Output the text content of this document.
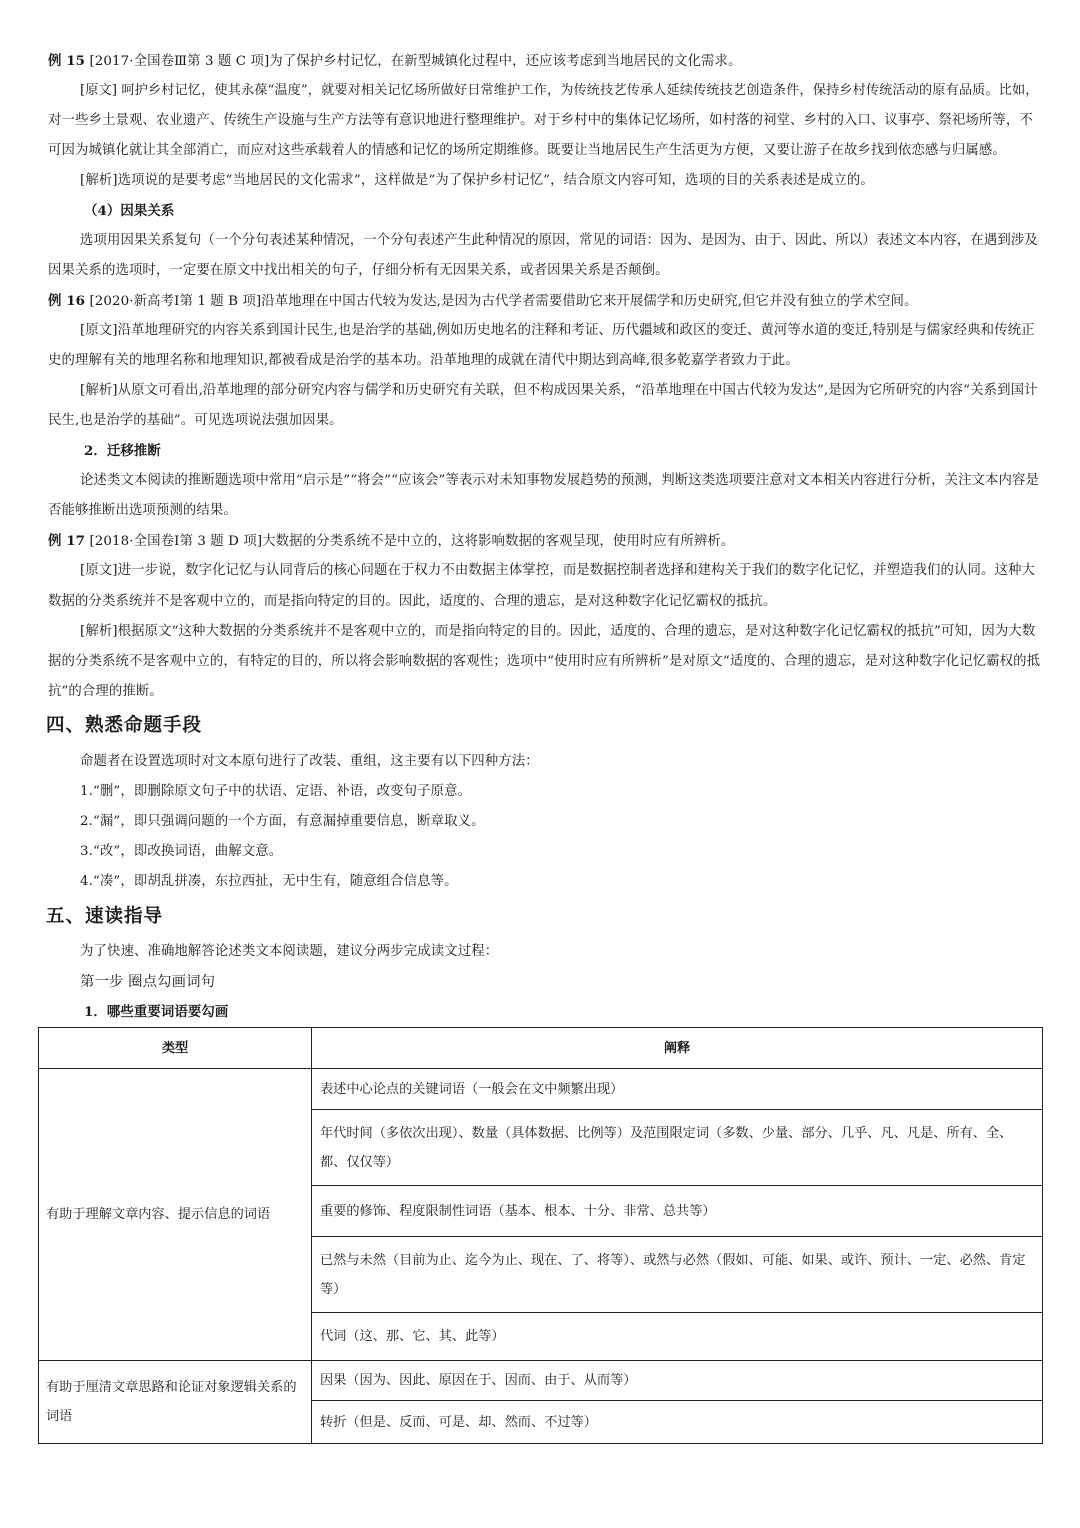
例 15 [2017·全国卷Ⅲ第 3 题 C 项]为了保护乡村记忆，在新型城镇化过程中，还应该考虑到当地居民的文化需求。
[原文] 呵护乡村记忆，使其永葆“温度”，就要对相关记忆场所做好日常维护工作，为传统技艺传承人延续传统技艺创造条件，保持乡村传统活动的原有品质。比如，
对一些乡土景观、农业遗产、传统生产设施与生产方法等有意识地进行整理维护。对于乡村中的集体记忆场所，如村落的祠堂、乡村的入口、议事亭、祭祀场所等，不
可因为城镇化就让其全部消亡，而应对这些承载着人的情感和记忆的场所定期维修。既要让当地居民生产生活更为方便，又要让游子在故乡找到依恋感与归属感。
[解析]选项说的是要考虑“当地居民的文化需求”，这样做是“为了保护乡村记忆”，结合原文内容可知，选项的目的关系表述是成立的。
（4）因果关系
选项用因果关系复句（一个分句表述某种情况，一个分句表述产生此种情况的原因，常见的词语：因为、是因为、由于、因此、所以）表述文本内容，在遇到涉及
因果关系的选项时，一定要在原文中找出相关的句子，仔细分析有无因果关系，或者因果关系是否颠倒。
例 16 [2020·新高考Ⅰ第 1 题 B 项]沿革地理在中国古代较为发达,是因为古代学者需要借助它来开展儒学和历史研究,但它并没有独立的学术空间。
[原文]沿革地理研究的内容关系到国计民生,也是治学的基础,例如历史地名的注释和考证、历代疆域和政区的变迁、黄河等水道的变迁,特别是与儒家经典和传统正
史的理解有关的地理名称和地理知识,都被看成是治学的基本功。沿革地理的成就在清代中期达到高峰,很多乾嘉学者致力于此。
[解析]从原文可看出,沿革地理的部分研究内容与儒学和历史研究有关联，但不构成因果关系，“沿革地理在中国古代较为发达”,是因为它所研究的内容“关系到国计
民生,也是治学的基础”。可见选项说法强加因果。
2．迁移推断
论述类文本阅读的推断题选项中常用“启示是”“将会”“应该会”等表示对未知事物发展趋势的预测，判断这类选项要注意对文本相关内容进行分析，关注文本内容是
否能够推断出选项预测的结果。
例 17 [2018·全国卷Ⅰ第 3 题 D 项]大数据的分类系统不是中立的，这将影响数据的客观呈现，使用时应有所辨析。
[原文]进一步说，数字化记忆与认同背后的核心问题在于权力不由数据主体掌控，而是数据控制者选择和建构关于我们的数字化记忆，并塑造我们的认同。这种大
数据的分类系统并不是客观中立的，而是指向特定的目的。因此，适度的、合理的遗忘，是对这种数字化记忆霸权的抵抗。
[解析]根据原文“这种大数据的分类系统并不是客观中立的，而是指向特定的目的。因此，适度的、合理的遗忘，是对这种数字化记忆霸权的抵抗”可知，因为大数
据的分类系统不是客观中立的，有特定的目的，所以将会影响数据的客观性；选项中“使用时应有所辨析”是对原文“适度的、合理的遗忘，是对这种数字化记忆霸权的抵
抗”的合理的推断。
四、熟悉命题手段
命题者在设置选项时对文本原句进行了改装、重组，这主要有以下四种方法：
1.“删”，即删除原文句子中的状语、定语、补语，改变句子原意。
2.“漏”，即只强调问题的一个方面，有意漏掉重要信息，断章取义。
3.“改”，即改换词语，曲解文意。
4.“凑”，即胡乱拼凑，东拉西扯，无中生有，随意组合信息等。
五、速读指导
为了快速、准确地解答论述类文本阅读题，建议分两步完成读文过程：
第一步 圈点勾画词句
1．哪些重要词语要勾画
类型	阐释
有助于理解文章内容、提示信息的词语	表述中心论点的关键词语（一般会在文中频繁出现）
	年代时间（多依次出现）、数量（具体数据、比例等）及范围限定词（多数、少量、部分、几乎、凡、凡是、所有、全、都、仅仅等）
	重要的修饰、程度限制性词语（基本、根本、十分、非常、总共等）
	已然与未然（目前为止、迄今为止、现在、了、将等）、或然与必然（假如、可能、如果、或许、预计、一定、必然、肯定等）
	代词（这、那、它、其、此等）
有助于厘清文章思路和论证对象逻辑关系的词语	因果（因为、因此、原因在于、因而、由于、从而等）
	转折（但是、反而、可是、却、然而、不过等）
